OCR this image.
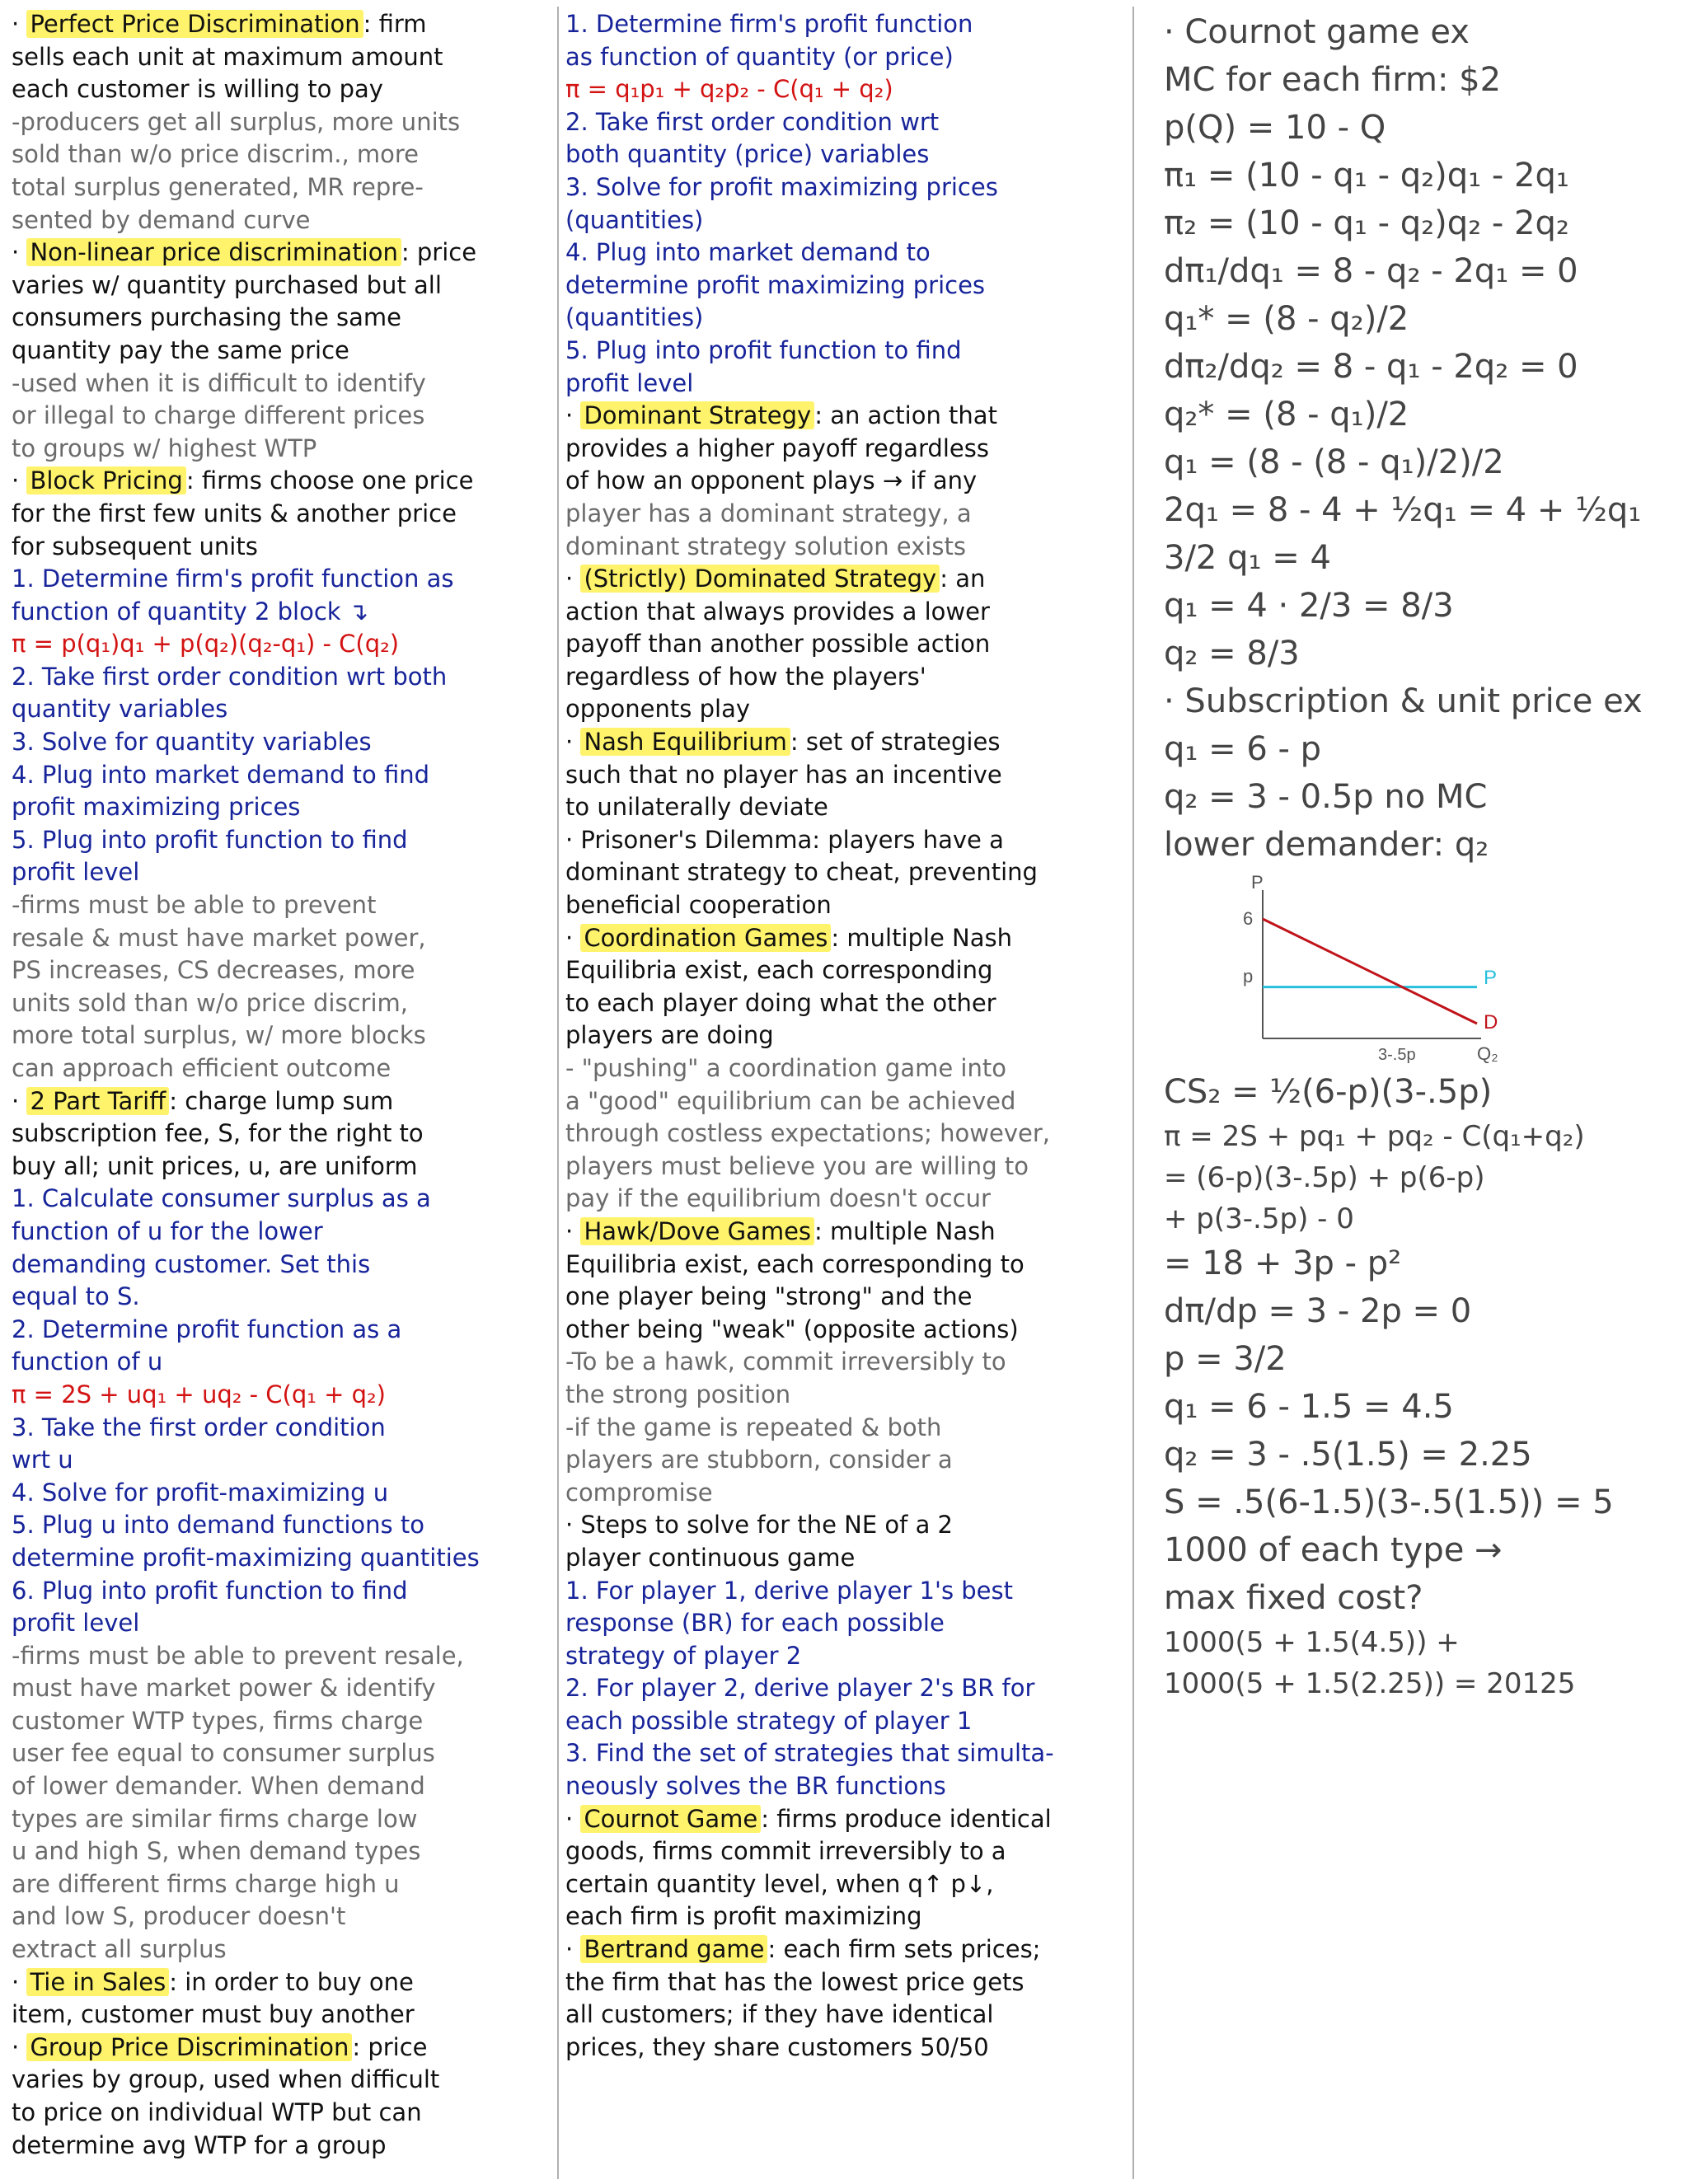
· Perfect Price Discrimination : firm
sells each unit at maximum amount
each customer is willing to pay
-producers get all surplus, more units
sold than w/o price discrim., more
total surplus generated, MR repre-
sented by demand curve
· Non-linear price discrimination : price
varies w/ quantity purchased but all
consumers purchasing the same
quantity pay the same price
-used when it is difficult to identify
or illegal to charge different prices
to groups w/ highest WTP
· Block Pricing : firms choose one price
for the first few units & another price
for subsequent units
1. Determine firm's profit function as
function of quantity 2 block ↴
π = p(q₁)q₁ + p(q₂)(q₂-q₁) - C(q₂)
2. Take first order condition wrt both
quantity variables
3. Solve for quantity variables
4. Plug into market demand to find
profit maximizing prices
5. Plug into profit function to find
profit level
-firms must be able to prevent
resale & must have market power,
PS increases, CS decreases, more
units sold than w/o price discrim,
more total surplus, w/ more blocks
can approach efficient outcome
· 2 Part Tariff : charge lump sum
subscription fee, S, for the right to
buy all; unit prices, u, are uniform
1. Calculate consumer surplus as a
function of u for the lower
demanding customer. Set this
equal to S.
2. Determine profit function as a
function of u
π = 2S + uq₁ + uq₂ - C(q₁ + q₂)
3. Take the first order condition
wrt u
4. Solve for profit-maximizing u
5. Plug u into demand functions to
determine profit-maximizing quantities
6. Plug into profit function to find
profit level
-firms must be able to prevent resale,
must have market power & identify
customer WTP types, firms charge
user fee equal to consumer surplus
of lower demander. When demand
types are similar firms charge low
u and high S, when demand types
are different firms charge high u
and low S, producer doesn't
extract all surplus
· Tie in Sales : in order to buy one
item, customer must buy another
· Group Price Discrimination : price
varies by group, used when difficult
to price on individual WTP but can
determine avg WTP for a group
1. Determine firm's profit function
as function of quantity (or price)
π = q₁p₁ + q₂p₂ - C(q₁ + q₂)
2. Take first order condition wrt
both quantity (price) variables
3. Solve for profit maximizing prices
(quantities)
4. Plug into market demand to
determine profit maximizing prices
(quantities)
5. Plug into profit function to find
profit level
· Dominant Strategy : an action that
provides a higher payoff regardless
of how an opponent plays → if any
player has a dominant strategy, a
dominant strategy solution exists
· (Strictly) Dominated Strategy : an
action that always provides a lower
payoff than another possible action
regardless of how the players'
opponents play
· Nash Equilibrium : set of strategies
such that no player has an incentive
to unilaterally deviate
· Prisoner's Dilemma: players have a
dominant strategy to cheat, preventing
beneficial cooperation
· Coordination Games : multiple Nash
Equilibria exist, each corresponding
to each player doing what the other
players are doing
- "pushing" a coordination game into
a "good" equilibrium can be achieved
through costless expectations; however,
players must believe you are willing to
pay if the equilibrium doesn't occur
· Hawk/Dove Games : multiple Nash
Equilibria exist, each corresponding to
one player being "strong" and the
other being "weak" (opposite actions)
-To be a hawk, commit irreversibly to
the strong position
-if the game is repeated & both
players are stubborn, consider a
compromise
· Steps to solve for the NE of a 2
player continuous game
1. For player 1, derive player 1's best
response (BR) for each possible
strategy of player 2
2. For player 2, derive player 2's BR for
each possible strategy of player 1
3. Find the set of strategies that simulta-
neously solves the BR functions
· Cournot Game : firms produce identical
goods, firms commit irreversibly to a
certain quantity level, when q↑ p↓,
each firm is profit maximizing
· Bertrand game : each firm sets prices;
the firm that has the lowest price gets
all customers; if they have identical
prices, they share customers 50/50
· Cournot game ex
MC for each firm: $2
p(Q) = 10 - Q
π₁ = (10 - q₁ - q₂)q₁ - 2q₁
π₂ = (10 - q₁ - q₂)q₂ - 2q₂
dπ₁/dq₁ = 8 - q₂ - 2q₁ = 0
q₁* = (8 - q₂)/2
dπ₂/dq₂ = 8 - q₁ - 2q₂ = 0
q₂* = (8 - q₁)/2
q₁ = (8 - (8 - q₁)/2)/2
2q₁ = 8 - 4 + ½q₁ = 4 + ½q₁
3/2 q₁ = 4
q₁ = 4 · 2/3 = 8/3
q₂ = 8/3
· Subscription & unit price ex
q₁ = 6 - p
q₂ = 3 - 0.5p no MC
lower demander: q₂
P
Q₂
6
p
3-.5p
P
D
CS₂ = ½(6-p)(3-.5p)
π = 2S + pq₁ + pq₂ - C(q₁+q₂)
= (6-p)(3-.5p) + p(6-p)
+ p(3-.5p) - 0
= 18 + 3p - p²
dπ/dp = 3 - 2p = 0
p = 3/2
q₁ = 6 - 1.5 = 4.5
q₂ = 3 - .5(1.5) = 2.25
S = .5(6-1.5)(3-.5(1.5)) = 5
1000 of each type →
max fixed cost?
1000(5 + 1.5(4.5)) +
1000(5 + 1.5(2.25)) = 20125
